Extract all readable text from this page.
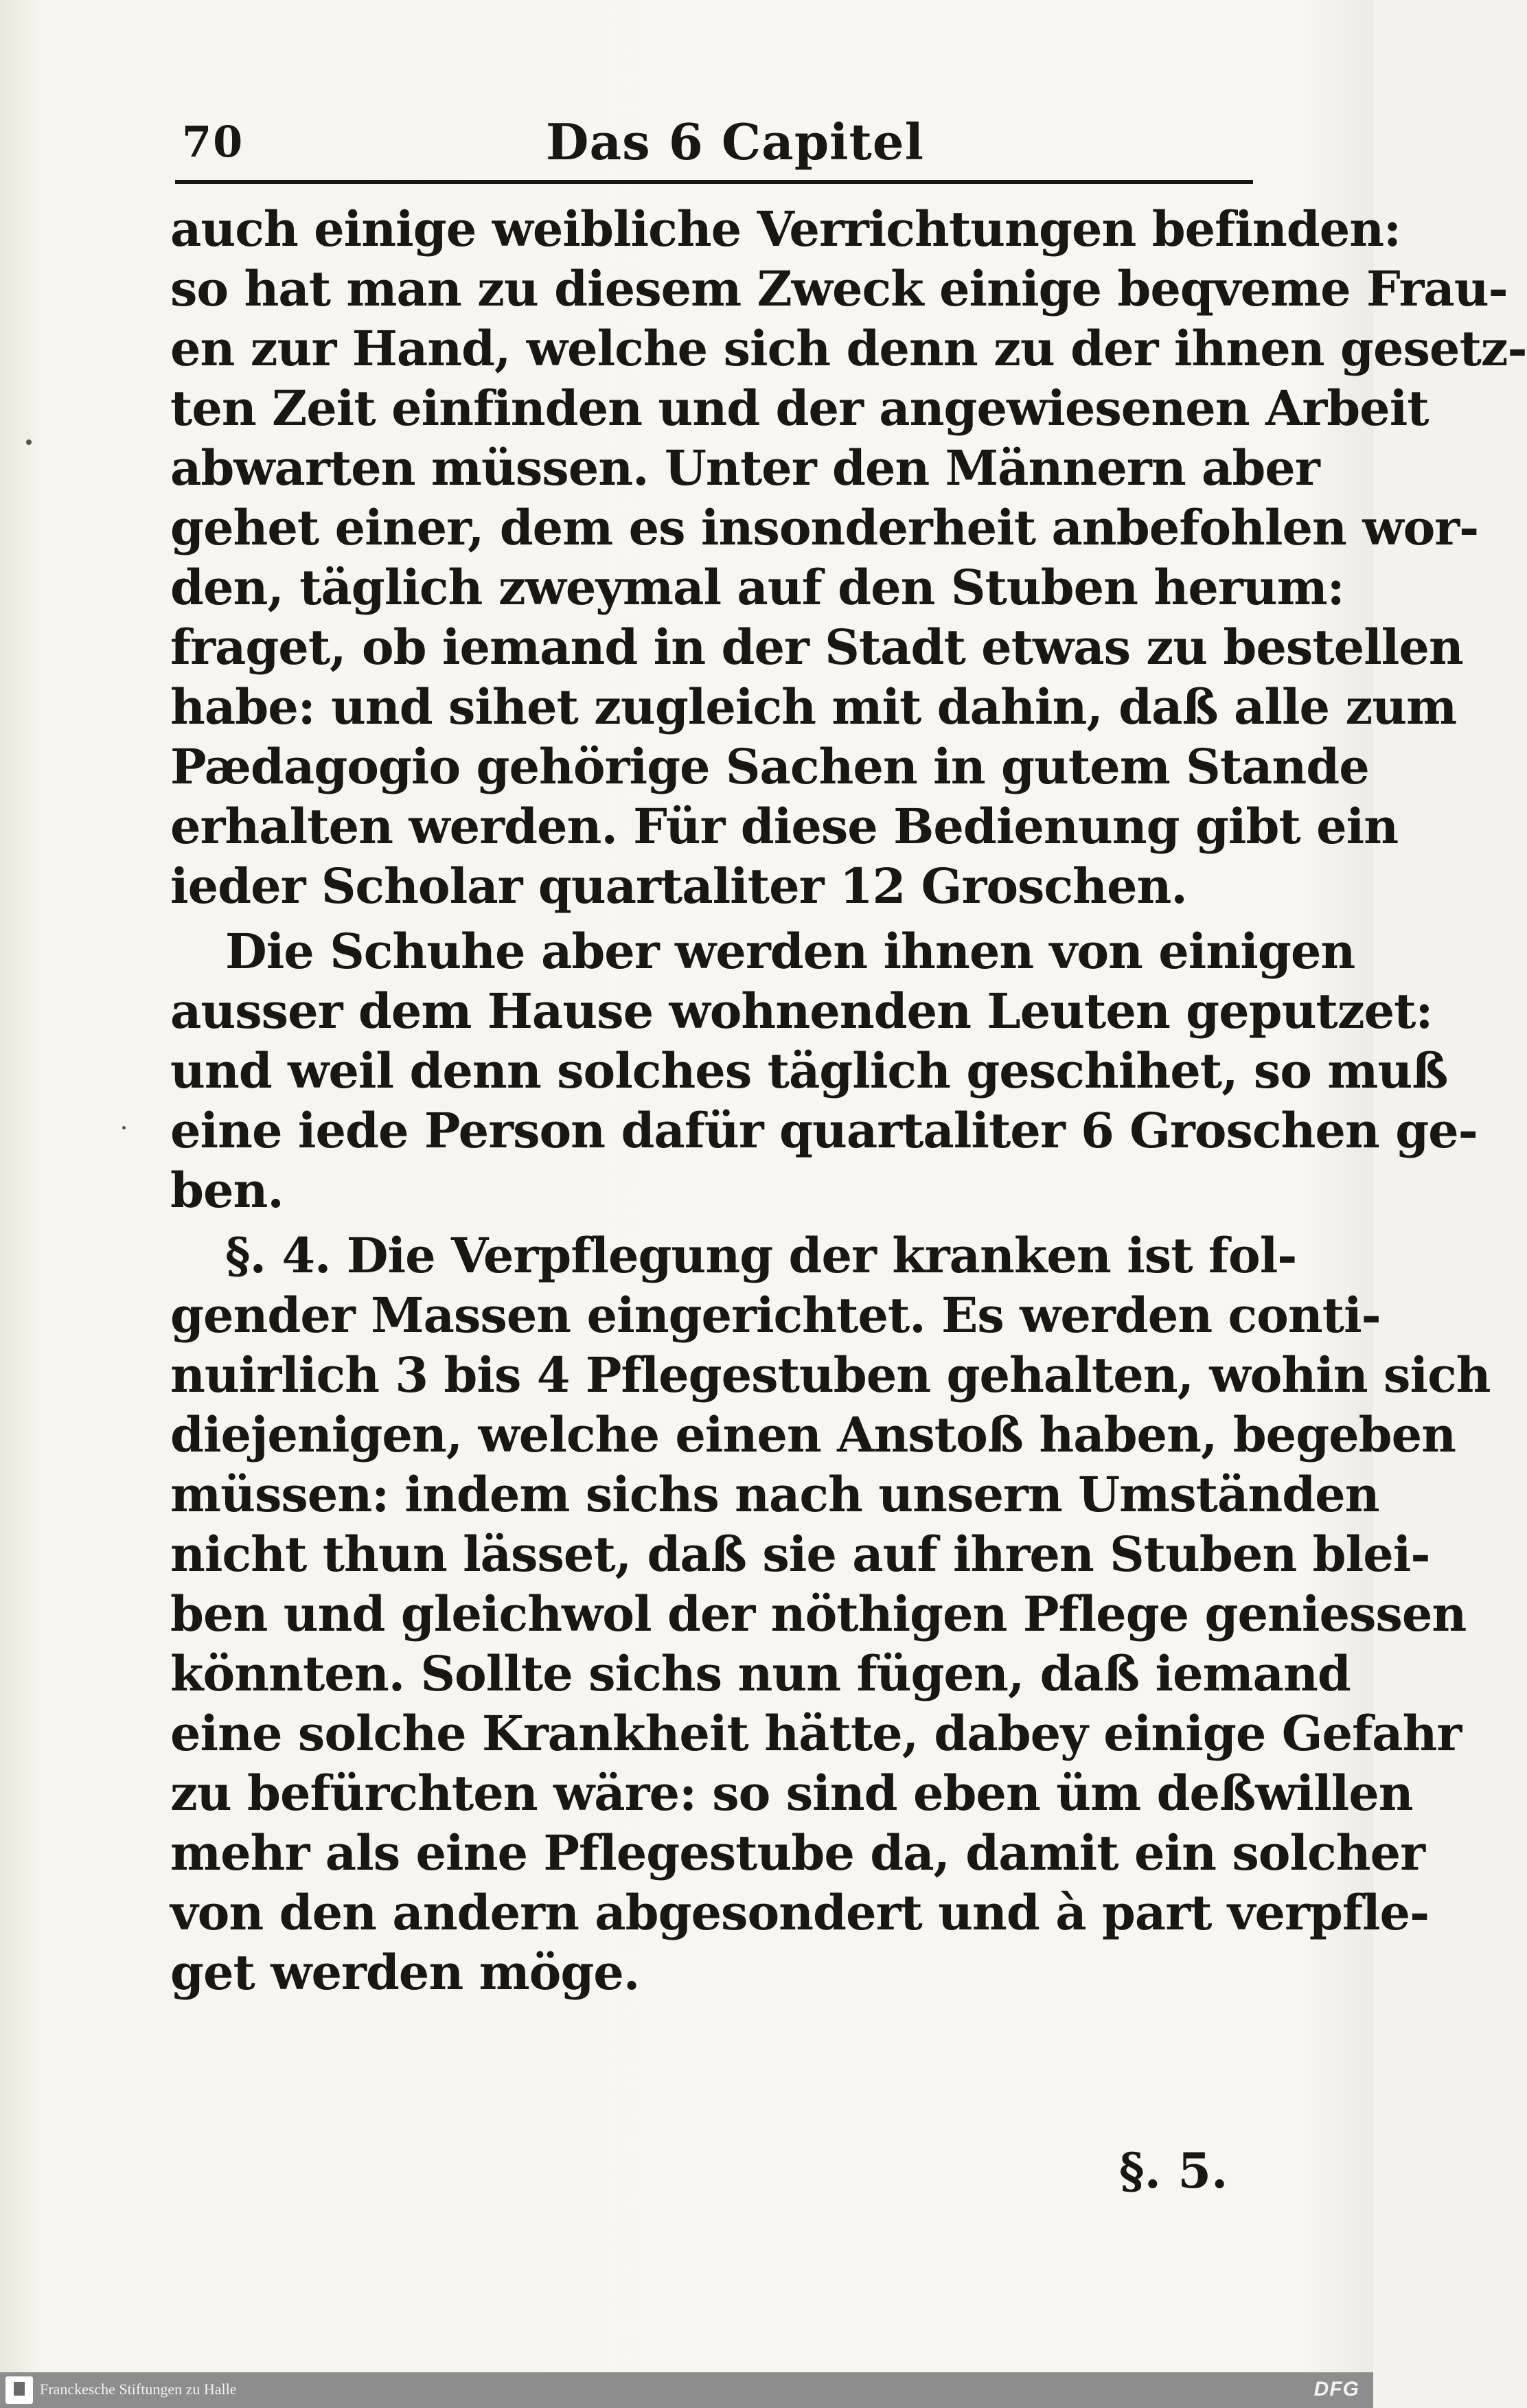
70	Das 6 Capitel
auch einige weibliche Verrichtungen befinden:
so hat man zu diesem Zweck einige beqveme Frau-
en zur Hand, welche sich denn zu der ihnen gesetz-
ten Zeit einfinden und der angewiesenen Arbeit
abwarten müssen. Unter den Männern aber
gehet einer, dem es insonderheit anbefohlen wor-
den, täglich zweymal auf den Stuben herum:
fraget, ob iemand in der Stadt etwas zu bestellen
habe: und sihet zugleich mit dahin, daß alle zum
Pædagogio gehörige Sachen in gutem Stande
erhalten werden. Für diese Bedienung gibt ein
ieder Scholar quartaliter 12 Groschen.
Die Schuhe aber werden ihnen von einigen
ausser dem Hause wohnenden Leuten geputzet:
und weil denn solches täglich geschihet, so muß
eine iede Person dafür quartaliter 6 Groschen ge-
ben.
§. 4. Die Verpflegung der kranken ist fol-
gender Massen eingerichtet. Es werden conti-
nuirlich 3 bis 4 Pflegestuben gehalten, wohin sich
diejenigen, welche einen Anstoß haben, begeben
müssen: indem sichs nach unsern Umständen
nicht thun lässet, daß sie auf ihren Stuben blei-
ben und gleichwol der nöthigen Pflege geniessen
könnten. Sollte sichs nun fügen, daß iemand
eine solche Krankheit hätte, dabey einige Gefahr
zu befürchten wäre: so sind eben üm deßwillen
mehr als eine Pflegestube da, damit ein solcher
von den andern abgesondert und à part verpfle-
get werden möge.
§. 5.
Franckesche Stiftungen zu Halle	DFG
